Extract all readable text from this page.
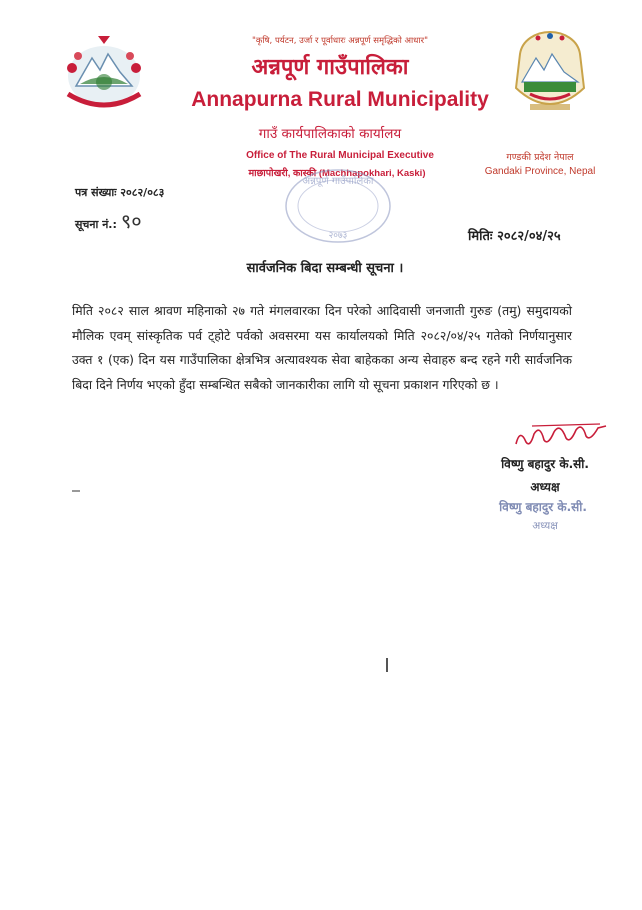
"कृषि, पर्यटन, उर्जा र पूर्वाधारः अन्नपूर्ण समृद्धिको आधार"
अन्नपूर्ण गाउँपालिका
Annapurna Rural Municipality
गाउँ कार्यपालिकाको कार्यालय
Office of The Rural Municipal Executive
माछापोखरी, कास्की (Machhapokhari, Kaski)
गण्डकी प्रदेश नेपाल
Gandaki Province, Nepal
अन्नपूर्ण गाउँपालिका
२०७३
पत्र संख्याः २०८२/०८३
सूचना नं.: ९०
मितिः २०८२/०४/२५
सार्वजनिक बिदा सम्बन्धी सूचना ।
मिति २०८२ साल श्रावण महिनाको २७ गते मंगलवारका दिन परेको आदिवासी जनजाती गुरुङ (तमु) समुदायको मौलिक एवम् सांस्कृतिक पर्व ट्होटे पर्वको अवसरमा यस कार्यालयको मिति २०८२/०४/२५ गतेको निर्णयानुसार उक्त १ (एक) दिन यस गाउँपालिका क्षेत्रभित्र अत्यावश्यक सेवा बाहेकका अन्य सेवाहरु बन्द रहने गरी सार्वजनिक बिदा दिने निर्णय भएको हुँदा सम्बन्धित सबैको जानकारीका लागि यो सूचना प्रकाशन गरिएको छ ।
विष्णु बहादुर के.सी.
अध्यक्ष
विष्णु बहादुर के.सी.
अध्यक्ष
